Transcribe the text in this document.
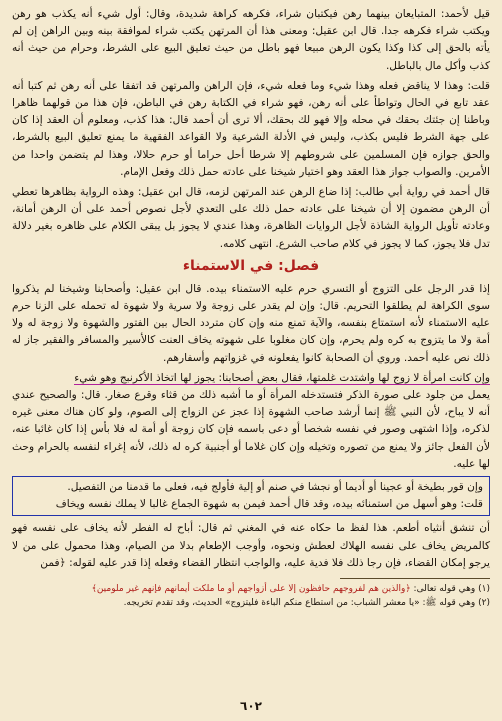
قيل لأحمد: المتبايعان بينهما رهن فيكتبان شراء، فكرهه كراهة شديدة، وقال: أول شيء أنه يكذب هو رهن ويكتب شراء فكرهه جدا. قال ابن عقيل: ومعنى هذا أن المرتهن يكتب شراء لموافقة بينه وبين الراهن إن لم يأته بالحق إلى كذا وكذا يكون الرهن مبيعا فهو باطل من حيث تعليق البيع على الشرط، وحرام من حيث أنه كذب وأكل مال بالباطل.

قلت: وهذا لا يناقض فعله وهذا شيء وما فعله شيء، فإن الراهن والمرتهن قد اتفقا على أنه رهن ثم كتبا أنه عقد تابع في الحال وتواطأ على أنه رهن، فهو شراء في الكتابة رهن في الباطن، فإن هذا من قولهما ظاهرا وباطنا إن جئتك بحقك في محله وإلا فهو لك بحقك، ألا ترى أن أحمد قال: هذا كذب، ومعلوم أن العقد إذا كان على جهة الشرط فليس بكذب، وليس في الأدلة الشرعية ولا القواعد الفقهية ما يمنع تعليق البيع بالشرط، والحق جوازه فإن المسلمين على شروطهم إلا شرطا أحل حراما أو حرم حلالا، وهذا لم يتضمن واحدا من الأمرين. والصواب جواز هذا العقد وهو اختيار شيخنا على عادته حمل ذلك وفعل الإمام.

قال أحمد في رواية أبي طالب: إذا ضاع الرهن عند المرتهن لزمه، قال ابن عقيل: وهذه الرواية بظاهرها تعطي أن الرهن مضمون إلا أن شيخنا على عادته حمل ذلك على التعدي لأجل نصوص أحمد على أن الرهن أمانة، وعادته تأويل الرواية الشاذة لأجل الروايات الظاهرة، وهذا عندي لا يجوز بل يبقى الكلام على ظاهره بغير دلالة تدل فلا يجوز، كما لا يجوز في كلام صاحب الشرع. انتهى كلامه.

فصل: في الاستمناء

إذا قدر الرجل على التزوج أو التسري حرم عليه الاستمناء بيده. قال ابن عقيل: وأصحابنا وشيخنا لم يذكروا سوى الكراهة لم يطلقوا التحريم. قال: وإن لم يقدر على زوجة ولا سرية ولا شهوة له تحمله على الزنا حرم عليه الاستمناء لأنه استمتاع بنفسه، والآية تمنع منه وإن كان متردد الحال بين الفتور والشهوة ولا زوجة له ولا أمة ولا ما يتزوج به كره ولم يحرم، وإن كان مغلوبا على شهوته يخاف العنت كالأسير والمسافر والفقير جاز له ذلك نص عليه أحمد. وروي أن الصحابة كانوا يفعلونه في غزواتهم وأسفارهم.

وإن كانت امرأة لا زوج لها واشتدت غلمتها، فقال بعض أصحابنا: يجوز لها اتخاذ الأكرنبج وهو شيء

يعمل من جلود على صورة الذكر فتستدخله المرأة أو ما أشبه ذلك من قثاء وقرع صغار. قال: والصحيح عندي أنه لا يباح، لأن النبي ﷺ إنما أرشد صاحب الشهوة إذا عجز عن الزواج إلى الصوم، ولو كان هناك معنى غيره لذكره، وإذا اشتهى وصور في نفسه شخصا أو دعى باسمه فإن كان زوجة أو أمة له فلا بأس إذا كان غائبا عنه، لأن الفعل جائز ولا يمنع من تصوره وتخيله وإن كان غلاما أو أجنبية كره له ذلك، لأنه إغراء لنفسه بالحرام وحث لها عليه.

وإن قور بطيخة أو عجينا أو أديما أو نجشا في صنم أو إلية فأولج فيه، فعلى ما قدمنا من التفصيل.

قلت: وهو أسهل من استمنائه بيده، وقد قال أحمد فيمن به شهوة الجماع غالبا لا يملك نفسه ويخاف

أن تنشق أنثياه أطعم. هذا لفظ ما حكاه عنه في المغني ثم قال: أباح له الفطر لأنه يخاف على نفسه فهو كالمريض يخاف على نفسه الهلاك لعطش ونحوه، وأوجب الإطعام بدلا من الصيام، وهذا محمول على من لا يرجو إمكان القضاء، فإن رجا ذلك فلا فدية عليه، والواجب انتظار القضاء وفعله إذا قدر عليه لقوله: ﴿فمن

(١) وهي قوله تعالى: ﴿والذين هم لفروجهم حافظون إلا على أزواجهم أو ما ملكت أيمانهم فإنهم غير ملومين﴾

(٢) وهي قوله ﷺ: «يا معشر الشباب: من استطاع منكم الباءة فليتزوج» الحديث، وقد تقدم تخريجه.

٦٠٢
